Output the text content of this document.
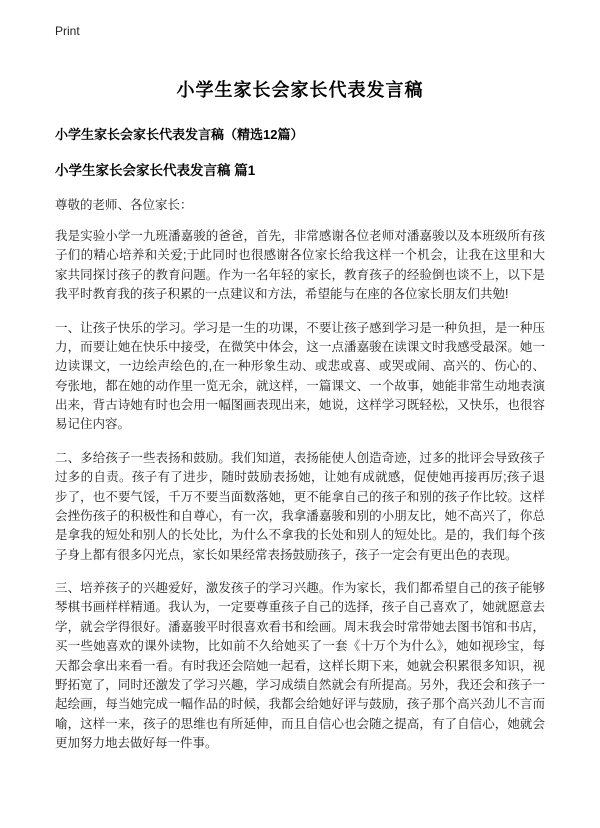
Print
小学生家长会家长代表发言稿
小学生家长会家长代表发言稿（精选12篇）
小学生家长会家长代表发言稿 篇1

尊敬的老师、各位家长：

我是实验小学一九班潘嘉骏的爸爸，首先，非常感谢各位老师对潘嘉骏以及本班级所有孩子们的精心培养和关爱;于此同时也很感谢各位家长给我这样一个机会，让我在这里和大家共同探讨孩子的教育问题。作为一名年轻的家长，教育孩子的经验倒也谈不上，以下是我平时教育我的孩子积累的一点建议和方法，希望能与在座的各位家长朋友们共勉!

一、让孩子快乐的学习。学习是一生的功课，不要让孩子感到学习是一种负担，是一种压力，而要让她在快乐中接受，在微笑中体会，这一点潘嘉骏在读课文时我感受最深。她一边读课文，一边绘声绘色的,在一种形象生动、或悲或喜、或哭或闹、高兴的、伤心的、夸张地，都在她的动作里一览无余，就这样，一篇课文、一个故事，她能非常生动地表演出来，背古诗她有时也会用一幅图画表现出来，她说，这样学习既轻松，又快乐，也很容易记住内容。

二、多给孩子一些表扬和鼓励。我们知道，表扬能使人创造奇迹，过多的批评会导致孩子过多的自责。孩子有了进步，随时鼓励表扬她，让她有成就感，促使她再接再厉;孩子退步了，也不要气馁，千万不要当面数落她，更不能拿自己的孩子和别的孩子作比较。这样会挫伤孩子的积极性和自尊心，有一次，我拿潘嘉骏和别的小朋友比，她不高兴了，你总是拿我的短处和别人的长处比，为什么不拿我的长处和别人的短处比。是的，我们每个孩子身上都有很多闪光点，家长如果经常表扬鼓励孩子，孩子一定会有更出色的表现。

三、培养孩子的兴趣爱好，激发孩子的学习兴趣。作为家长，我们都希望自己的孩子能够琴棋书画样样精通。我认为，一定要尊重孩子自己的选择，孩子自己喜欢了，她就愿意去学，就会学得很好。潘嘉骏平时很喜欢看书和绘画。周末我会时常带她去图书馆和书店，买一些她喜欢的课外读物，比如前不久给她买了一套《十万个为什么》，她如视珍宝，每天都会拿出来看一看。有时我还会陪她一起看，这样长期下来，她就会积累很多知识，视野拓宽了，同时还激发了学习兴趣，学习成绩自然就会有所提高。另外，我还会和孩子一起绘画，每当她完成一幅作品的时候，我都会给她好评与鼓励，孩子那个高兴劲儿不言而喻，这样一来，孩子的思维也有所延伸，而且自信心也会随之提高，有了自信心，她就会更加努力地去做好每一件事。
